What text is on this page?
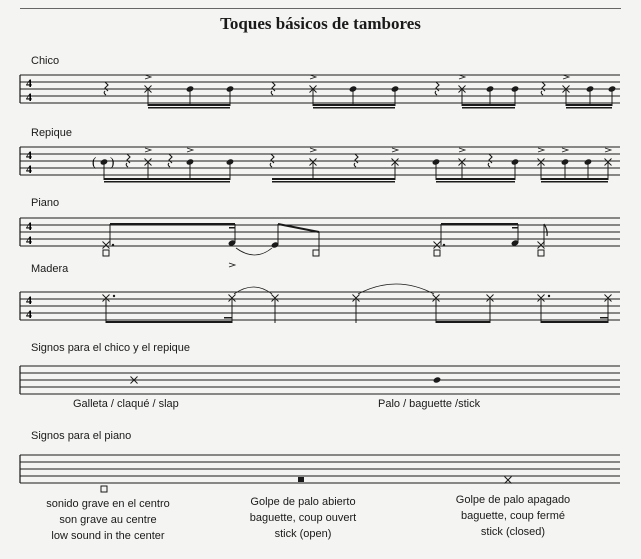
Toques básicos de tambores
Chico
Repique
Piano
Madera
Signos para el chico y el repique
Galleta / claqué / slap	Palo / baguette /stick
Signos para el piano
sonido grave en el centro
son grave au centre
low sound in the center
Golpe de palo abierto
baguette, coup ouvert
stick (open)
Golpe de palo apagado
baguette, coup fermé
stick (closed)
4
4
4
4	( )
4
4
4
4
